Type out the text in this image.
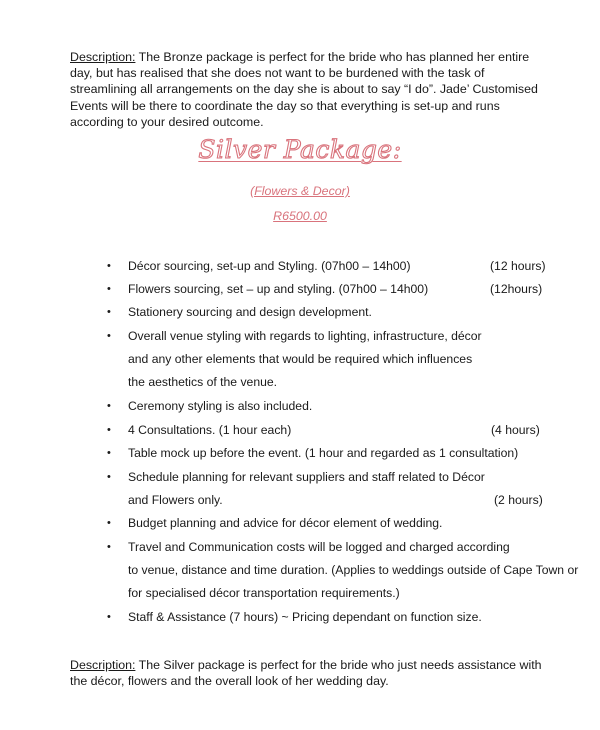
Description: The Bronze package is perfect for the bride who has planned her entire day, but has realised that she does not want to be burdened with the task of streamlining all arrangements on the day she is about to say “I do”. Jade’ Customised Events will be there to coordinate the day so that everything is set-up and runs according to your desired outcome.

Silver Package:
(Flowers & Decor)
R6500.00
• Décor sourcing, set-up and Styling. (07h00 – 14h00)	(12 hours)
• Flowers sourcing, set – up and styling. (07h00 – 14h00)	(12hours)
• Stationery sourcing and design development.
• Overall venue styling with regards to lighting, infrastructure, décor
and any other elements that would be required which influences
the aesthetics of the venue.
• Ceremony styling is also included.
• 4 Consultations. (1 hour each)	(4 hours)
• Table mock up before the event. (1 hour and regarded as 1 consultation)
• Schedule planning for relevant suppliers and staff related to Décor
and Flowers only.	(2 hours)
• Budget planning and advice for décor element of wedding.
• Travel and Communication costs will be logged and charged according
to venue, distance and time duration. (Applies to weddings outside of Cape Town or
for specialised décor transportation requirements.)
• Staff & Assistance (7 hours) ~ Pricing dependant on function size.

Description: The Silver package is perfect for the bride who just needs assistance with the décor, flowers and the overall look of her wedding day.
